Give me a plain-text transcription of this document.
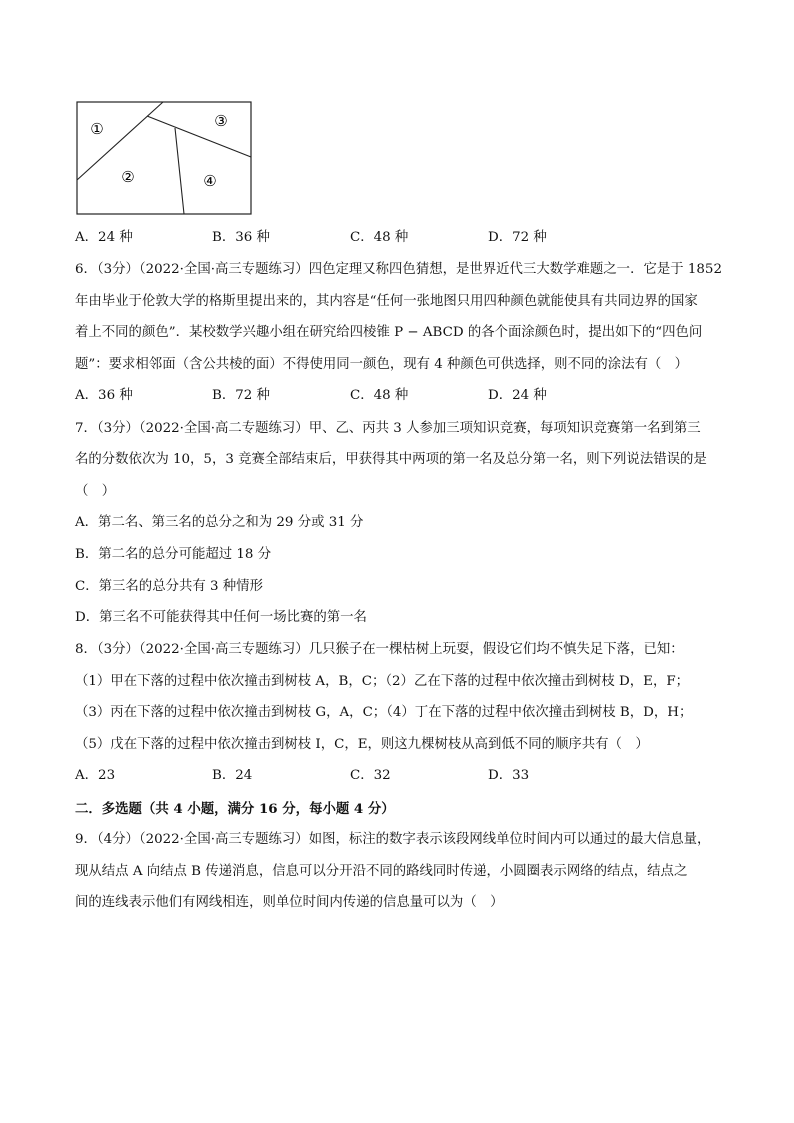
①
②
③
④
A．24 种	B．36 种	C．48 种	D．72 种
6．（3分）（2022·全国·高三专题练习）四色定理又称四色猜想，是世界近代三大数学难题之一．它是于 1852
年由毕业于伦敦大学的格斯里提出来的，其内容是“任何一张地图只用四种颜色就能使具有共同边界的国家
着上不同的颜色”．某校数学兴趣小组在研究给四棱锥 P − ABCD 的各个面涂颜色时，提出如下的“四色问
题”：要求相邻面（含公共棱的面）不得使用同一颜色，现有 4 种颜色可供选择，则不同的涂法有（　）
A．36 种	B．72 种	C．48 种	D．24 种
7．（3分）（2022·全国·高二专题练习）甲、乙、丙共 3 人参加三项知识竞赛，每项知识竞赛第一名到第三
名的分数依次为 10，5，3 竞赛全部结束后，甲获得其中两项的第一名及总分第一名，则下列说法错误的是
（　）
A．第二名、第三名的总分之和为 29 分或 31 分
B．第二名的总分可能超过 18 分
C．第三名的总分共有 3 种情形
D．第三名不可能获得其中任何一场比赛的第一名
8．（3分）（2022·全国·高三专题练习）几只猴子在一棵枯树上玩耍，假设它们均不慎失足下落，已知：
（1）甲在下落的过程中依次撞击到树枝 A，B，C；（2）乙在下落的过程中依次撞击到树枝 D，E，F；
（3）丙在下落的过程中依次撞击到树枝 G，A，C；（4）丁在下落的过程中依次撞击到树枝 B，D，H；
（5）戊在下落的过程中依次撞击到树枝 I，C，E，则这九棵树枝从高到低不同的顺序共有（　）
A．23	B．24	C．32	D．33
二．多选题（共 4 小题，满分 16 分，每小题 4 分）
9．（4分）（2022·全国·高三专题练习）如图，标注的数字表示该段网线单位时间内可以通过的最大信息量，
现从结点 A 向结点 B 传递消息，信息可以分开沿不同的路线同时传递，小圆圈表示网络的结点，结点之
间的连线表示他们有网线相连，则单位时间内传递的信息量可以为（　）
